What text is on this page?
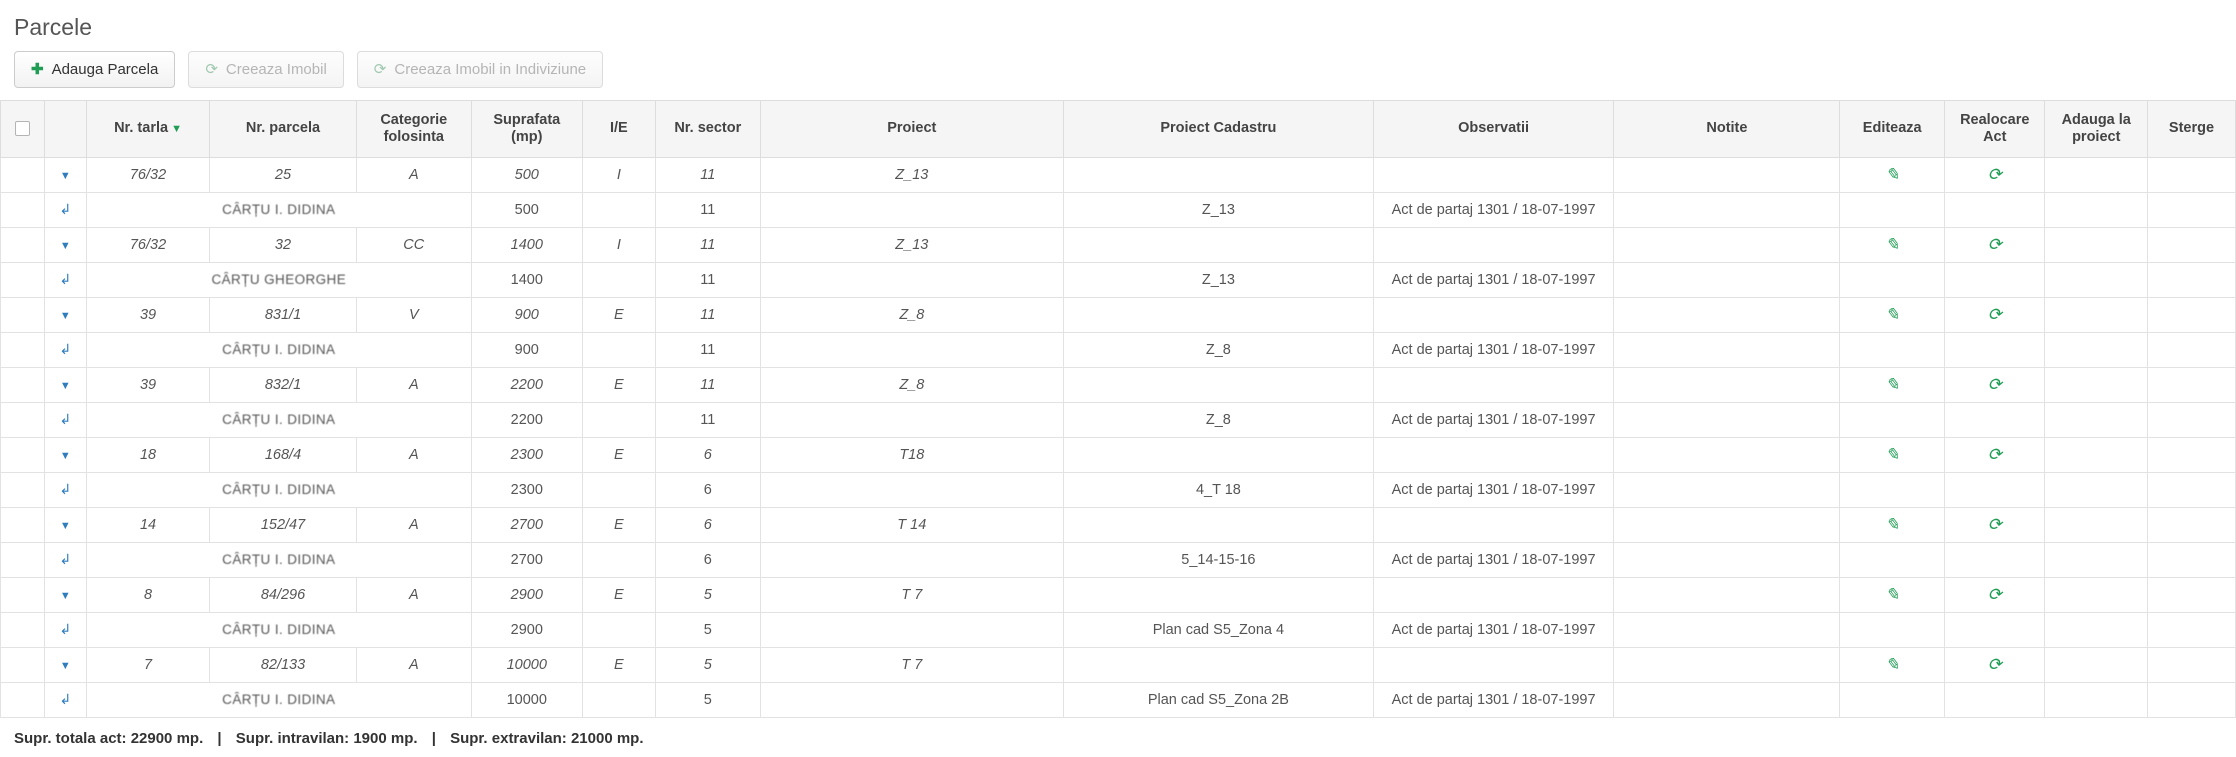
Parcele
✚ Adauga Parcela	⟳ Creeaza Imobil	⟳ Creeaza Imobil in Indiviziune
		Nr. tarla ▼	Nr. parcela	Categorie folosinta	Suprafata (mp)	I/E	Nr. sector	Proiect	Proiect Cadastru	Observatii	Notite	Editeaza	Realocare Act	Adauga la proiect	Sterge
	▼	76/32	25	A	500	I	11	Z_13				✎	⟳		
	↲	CÂRȚU I. DIDINA			500		11		Z_13	Act de partaj 1301 / 18-07-1997					
	▼	76/32	32	CC	1400	I	11	Z_13				✎	⟳		
	↲	CÂRȚU GHEORGHE			1400		11		Z_13	Act de partaj 1301 / 18-07-1997					
	▼	39	831/1	V	900	E	11	Z_8				✎	⟳		
	↲	CÂRȚU I. DIDINA			900		11		Z_8	Act de partaj 1301 / 18-07-1997					
	▼	39	832/1	A	2200	E	11	Z_8				✎	⟳		
	↲	CÂRȚU I. DIDINA			2200		11		Z_8	Act de partaj 1301 / 18-07-1997					
	▼	18	168/4	A	2300	E	6	T18				✎	⟳		
	↲	CÂRȚU I. DIDINA			2300		6		4_T 18	Act de partaj 1301 / 18-07-1997					
	▼	14	152/47	A	2700	E	6	T 14				✎	⟳		
	↲	CÂRȚU I. DIDINA			2700		6		5_14-15-16	Act de partaj 1301 / 18-07-1997					
	▼	8	84/296	A	2900	E	5	T 7				✎	⟳		
	↲	CÂRȚU I. DIDINA			2900		5		Plan cad S5_Zona 4	Act de partaj 1301 / 18-07-1997					
	▼	7	82/133	A	10000	E	5	T 7				✎	⟳		
	↲	CÂRȚU I. DIDINA			10000		5		Plan cad S5_Zona 2B	Act de partaj 1301 / 18-07-1997					
Supr. totala act: 22900 mp. | Supr. intravilan: 1900 mp. | Supr. extravilan: 21000 mp.
